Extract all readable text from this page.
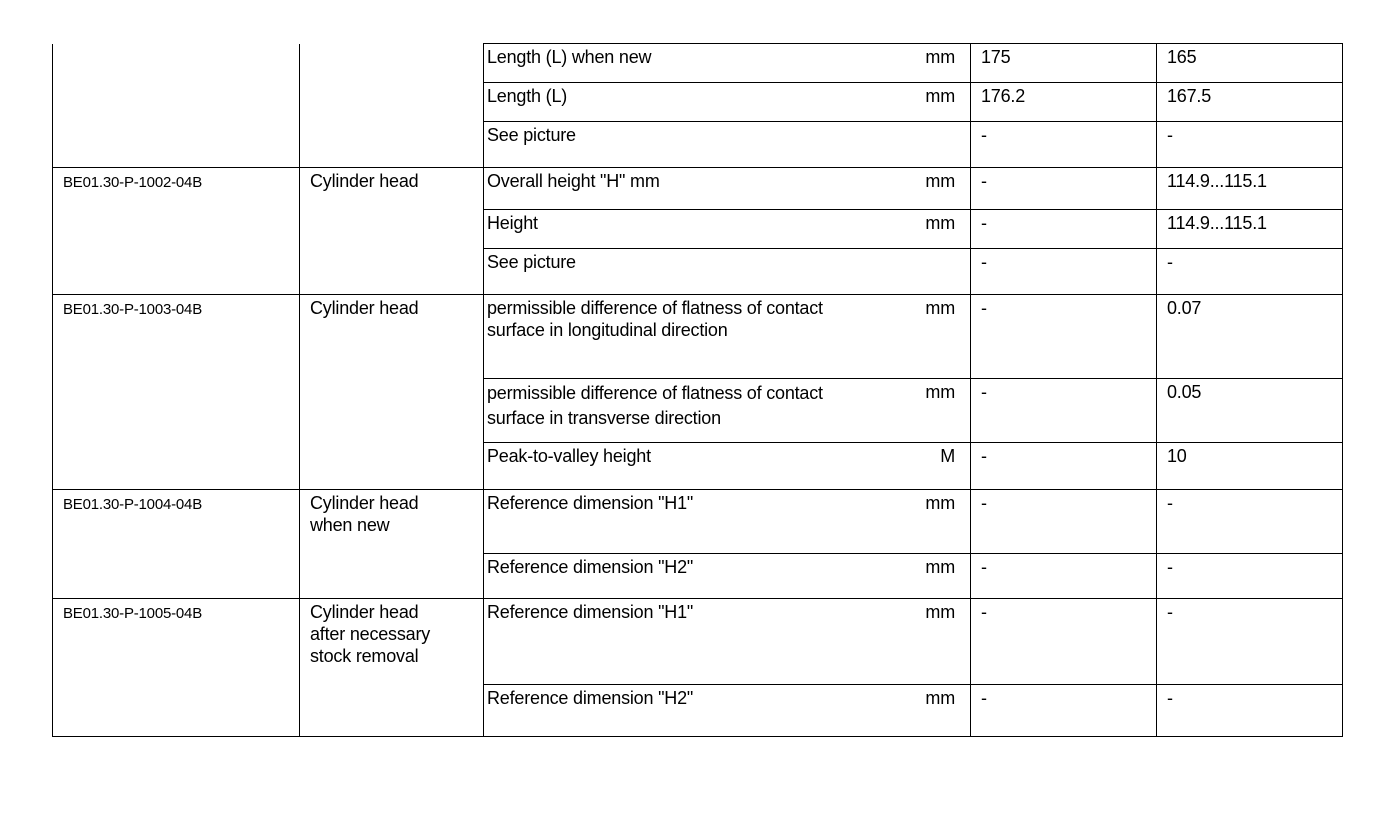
		Length (L) when new	mm	175	165
		Length (L)	mm	176.2	167.5
		See picture		-	-
BE01.30-P-1002-04B	Cylinder head	Overall height "H" mm	mm	-	114.9...115.1
		Height	mm	-	114.9...115.1
		See picture		-	-
BE01.30-P-1003-04B	Cylinder head	permissible difference of flatness of contact surface in longitudinal direction	mm	-	0.07
		permissible difference of flatness of contact surface in transverse direction	mm	-	0.05
		Peak-to-valley height	M	-	10
BE01.30-P-1004-04B	Cylinder head when new	Reference dimension "H1"	mm	-	-
		Reference dimension "H2"	mm	-	-
BE01.30-P-1005-04B	Cylinder head after necessary stock removal	Reference dimension "H1"	mm	-	-
		Reference dimension "H2"	mm	-	-
